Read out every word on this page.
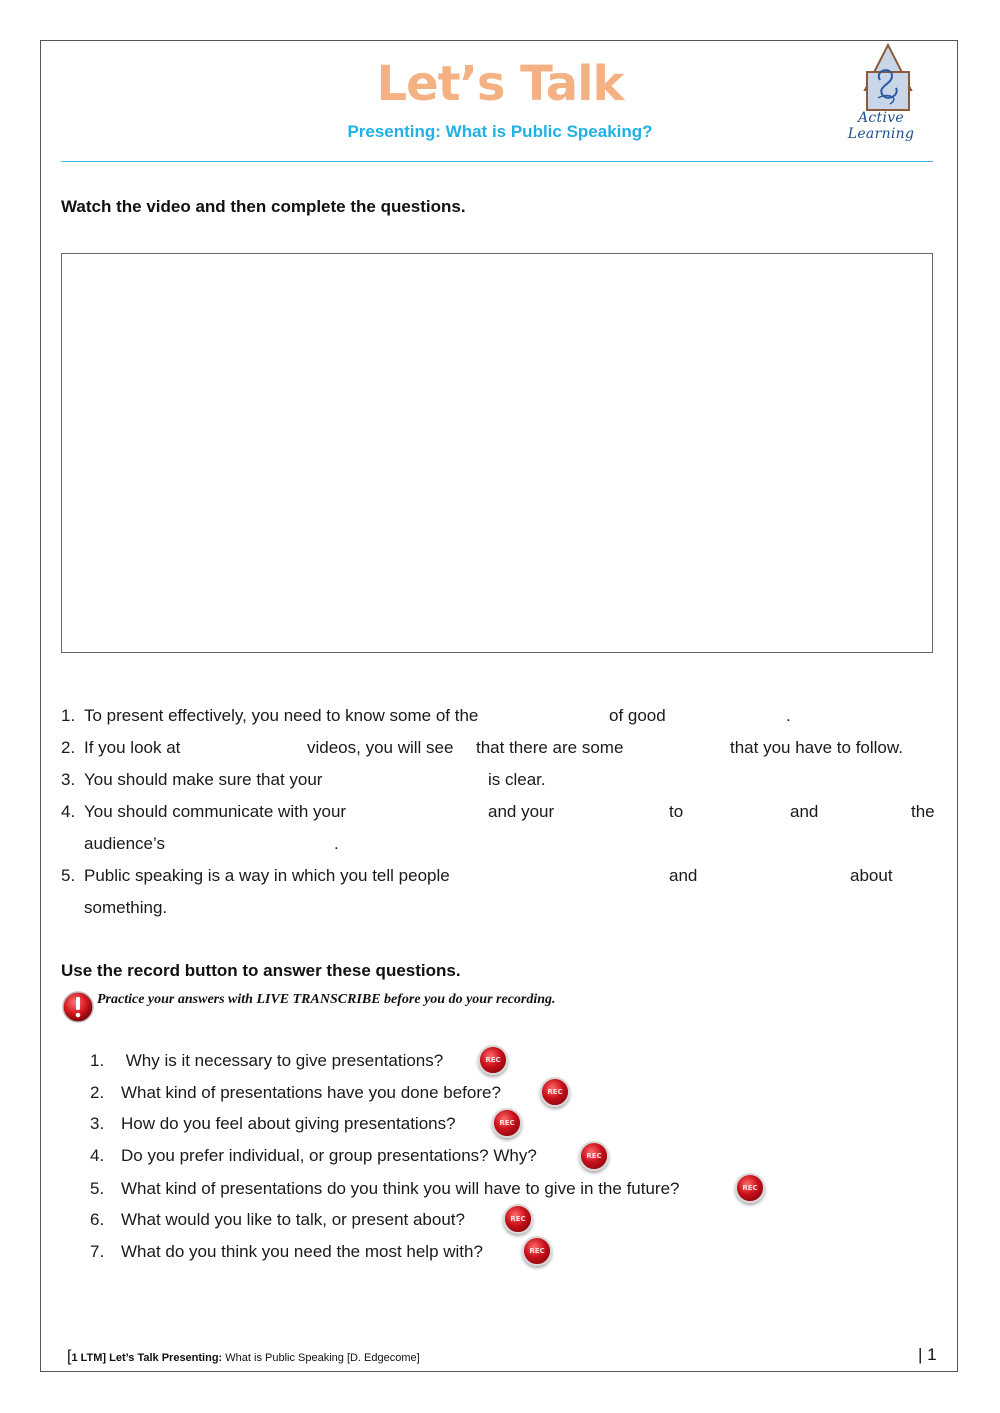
Let’s Talk
Presenting: What is Public Speaking?
Active Learning
Watch the video and then complete the questions.
1. To present effectively, you need to know some of the	of good	.
2. If you look at	videos, you will see that there are some	that you have to follow.
3. You should make sure that your	is clear.
4. You should communicate with your	and your	to	and	the
audience’s	.
5. Public speaking is a way in which you tell people	and	about
something.
Use the record button to answer these questions.
Practice your answers with LIVE TRANSCRIBE before you do your recording.
1. Why is it necessary to give presentations?	REC
2. What kind of presentations have you done before?	REC
3. How do you feel about giving presentations?	REC
4. Do you prefer individual, or group presentations? Why?	REC
5. What kind of presentations do you think you will have to give in the future?	REC
6. What would you like to talk, or present about?	REC
7. What do you think you need the most help with?	REC
[1 LTM] Let’s Talk Presenting: What is Public Speaking [D. Edgecome]	| 1
